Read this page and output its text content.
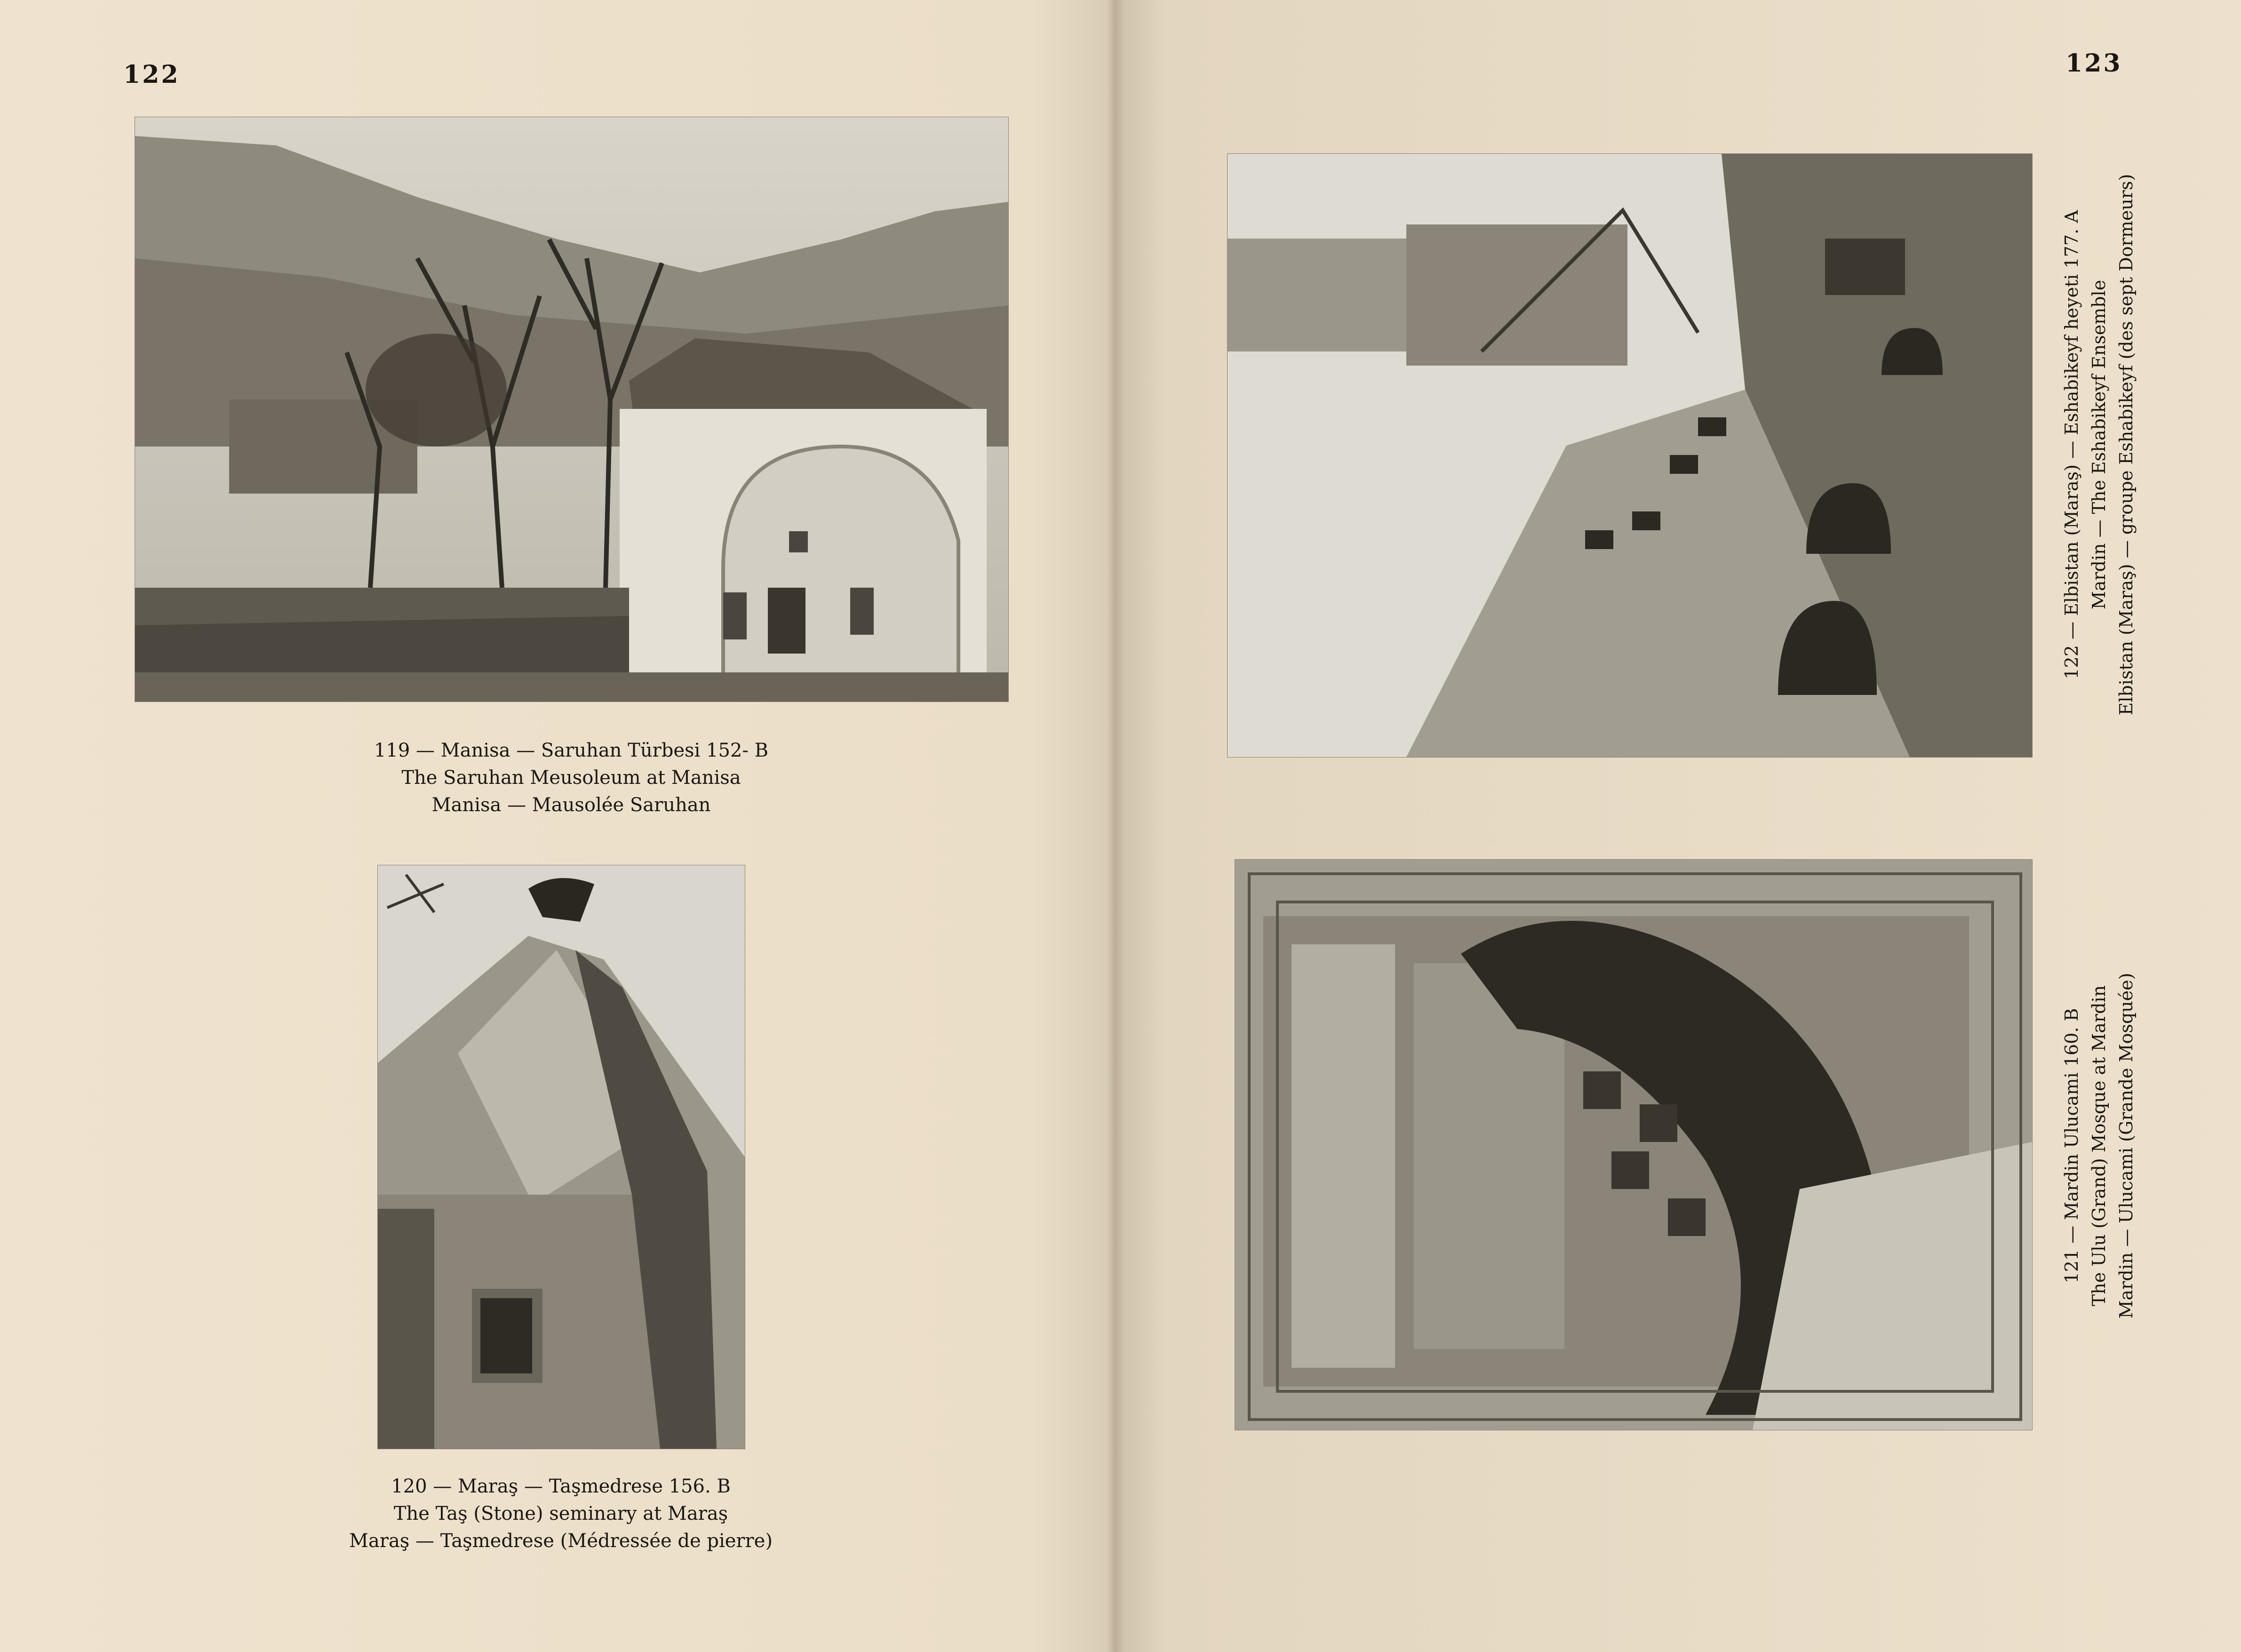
122
119 — Manisa — Saruhan Türbesi 152- B
The Saruhan Meusoleum at Manisa
Manisa — Mausolée Saruhan
120 — Maraş — Taşmedrese 156. B
The Taş (Stone) seminary at Maraş
Maraş — Taşmedrese (Médressée de pierre)
123
122 — Elbistan (Maraş) — Eshabikeyf heyeti 177. A Mardin — The Eshabikeyf Ensemble Elbistan (Maraş) — groupe Eshabikeyf (des sept Dormeurs)
121 — Mardin Ulucami 160. B The Ulu (Grand) Mosque at Mardin Mardin — Ulucami (Grande Mosquée)
